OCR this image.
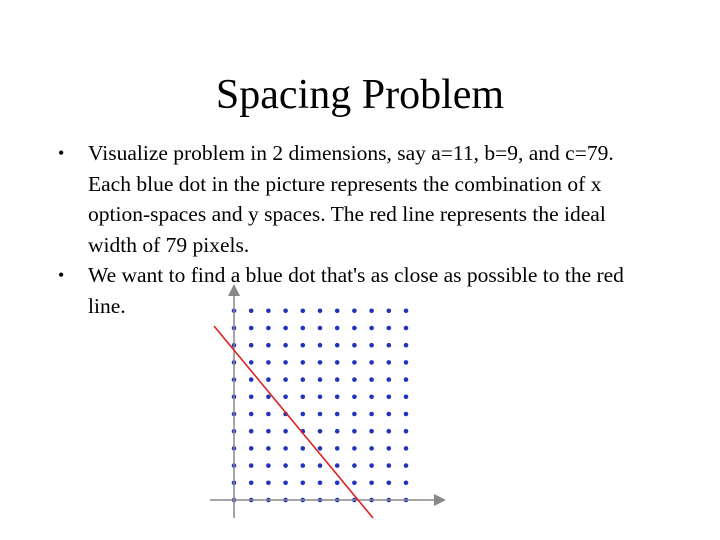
Spacing Problem
• Visualize problem in 2 dimensions, say a=11, b=9, and c=79. Each blue dot in the picture represents the combination of x option-spaces and y spaces. The red line represents the ideal width of 79 pixels.
• We want to find a blue dot that's as close as possible to the red line.
